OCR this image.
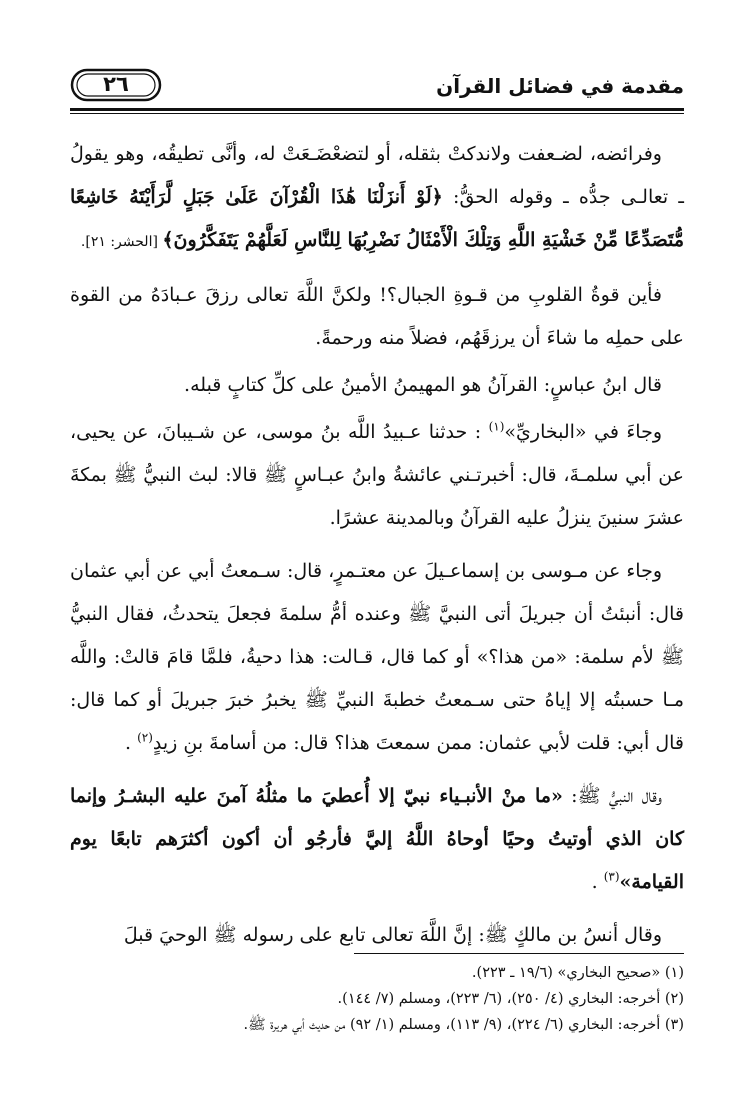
مقدمة في فضائل القرآن
٢٦

وفرائضه، لضـعفت ولاندكتْ بثقله، أو لتضعْضَـعَتْ له، وأنَّى تطيقُه، وهو يقولُ ـ تعالـى جدُّه ـ وقوله الحقُّ: ﴿لَوْ أَنزَلْنَا هَٰذَا الْقُرْآنَ عَلَىٰ جَبَلٍ لَّرَأَيْتَهُ خَاشِعًا مُّتَصَدِّعًا مِّنْ خَشْيَةِ اللَّهِ وَتِلْكَ الْأَمْثَالُ نَضْرِبُهَا لِلنَّاسِ لَعَلَّهُمْ يَتَفَكَّرُونَ﴾ [الحشر: ٢١].

فأين قوةُ القلوبِ من قـوةِ الجبال؟! ولكنَّ اللَّهَ تعالى رزقَ عـبادَهُ من القوة على حملِه ما شاءَ أن يرزقَهُم، فضلاً منه ورحمةً.

قال ابنُ عباسٍ: القرآنُ هو المهيمنُ الأمينُ على كلِّ كتابٍ قبله.

وجاءَ في «البخاريِّ»$^{(١)}$ : حدثنا عـبيدُ اللَّه بنُ موسى، عن شـيبانَ، عن يحيى، عن أبي سلمـةَ، قال: أخبرتـني عائشةُ وابنُ عبـاسٍ ﷺ قالا: لبث النبيُّ ﷺ بمكةَ عشرَ سنينَ ينزلُ عليه القرآنُ وبالمدينة عشرًا.

وجاء عن مـوسى بن إسماعـيلَ عن معتـمرٍ، قال: سـمعتُ أبي عن أبي عثمان قال: أنبئتُ أن جبريلَ أتى النبيَّ ﷺ وعنده أمُّ سلمةَ فجعلَ يتحدثُ، فقال النبيُّ ﷺ لأم سلمة: «من هذا؟» أو كما قال، قـالت: هذا دحيةُ، فلمَّا قامَ قالتْ: واللَّه مـا حسبتُه إلا إياهُ حتى سـمعتُ خطبةَ النبيِّ ﷺ يخبرُ خبرَ جبريلَ أو كما قال: قال أبي: قلت لأبي عثمان: ممن سمعتَ هذا؟ قال: من أسامةَ بنِ زيدٍ$^{(٢)}$ .

وقال النبيُّ ﷺ: «ما منْ الأنبـياء نبيّ إلا أُعطيَ ما مثلُهُ آمنَ عليه البشـرُ وإنما كان الذي أوتيتُ وحيًا أوحاهُ اللَّهُ إليَّ فأرجُو أن أكون أكثرَهم تابعًا يوم القيامة»$^{(٣)}$ .

وقال أنسُ بن مالكٍ ﷺ: إنَّ اللَّهَ تعالى تابع على رسوله ﷺ الوحيَ قبلَ

(١) «صحيح البخاري» (١٩/٦ ـ ٢٢٣).

(٢) أخرجه: البخاري (٤/ ٢٥٠)، (٦/ ٢٢٣)، ومسلم (٧/ ١٤٤).

(٣) أخرجه: البخاري (٦/ ٢٢٤)، (٩/ ١١٣)، ومسلم (١/ ٩٢) من حديث أبي هريرة ﷺ.
